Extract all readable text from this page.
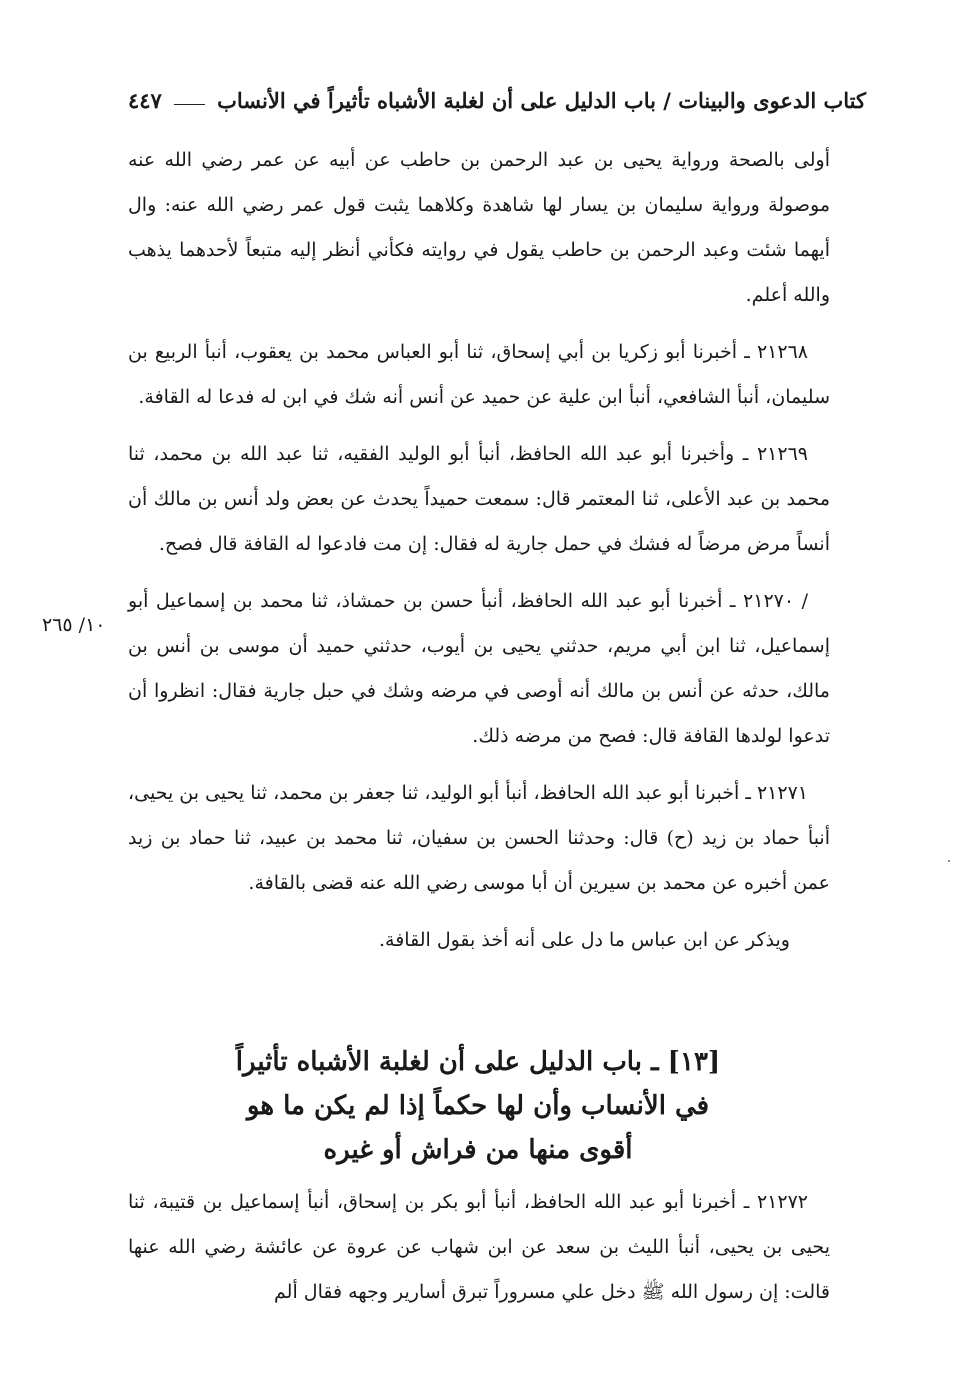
كتاب الدعوى والبينات / باب الدليل على أن لغلبة الأشباه تأثيراً في الأنساب
٤٤٧

أولى بالصحة ورواية يحيى بن عبد الرحمن بن حاطب عن أبيه عن عمر رضي الله عنه موصولة ورواية سليمان بن يسار لها شاهدة وكلاهما يثبت قول عمر رضي الله عنه: وال أيهما شئت وعبد الرحمن بن حاطب يقول في روايته فكأني أنظر إليه متبعاً لأحدهما يذهب والله أعلم.

٢١٢٦٨ ـ أخبرنا أبو زكريا بن أبي إسحاق، ثنا أبو العباس محمد بن يعقوب، أنبأ الربيع بن سليمان، أنبأ الشافعي، أنبأ ابن علية عن حميد عن أنس أنه شك في ابن له فدعا له القافة.

٢١٢٦٩ ـ وأخبرنا أبو عبد الله الحافظ، أنبأ أبو الوليد الفقيه، ثنا عبد الله بن محمد، ثنا محمد بن عبد الأعلى، ثنا المعتمر قال: سمعت حميداً يحدث عن بعض ولد أنس بن مالك أن أنساً مرض مرضاً له فشك في حمل جارية له فقال: إن مت فادعوا له القافة قال فصح.

/ ٢١٢٧٠ ـ أخبرنا أبو عبد الله الحافظ، أنبأ حسن بن حمشاذ، ثنا محمد بن إسماعيل أبو إسماعيل، ثنا ابن أبي مريم، حدثني يحيى بن أيوب، حدثني حميد أن موسى بن أنس بن مالك، حدثه عن أنس بن مالك أنه أوصى في مرضه وشك في حبل جارية فقال: انظروا أن تدعوا لولدها القافة قال: فصح من مرضه ذلك.

٢١٢٧١ ـ أخبرنا أبو عبد الله الحافظ، أنبأ أبو الوليد، ثنا جعفر بن محمد، ثنا يحيى بن يحيى، أنبأ حماد بن زيد (ح) قال: وحدثنا الحسن بن سفيان، ثنا محمد بن عبيد، ثنا حماد بن زيد عمن أخبره عن محمد بن سيرين أن أبا موسى رضي الله عنه قضى بالقافة.

ويذكر عن ابن عباس ما دل على أنه أخذ بقول القافة.

١٠/ ٢٦٥

[١٣] ـ باب الدليل على أن لغلبة الأشباه تأثيراً

في الأنساب وأن لها حكماً إذا لم يكن ما هو

أقوى منها من فراش أو غيره

٢١٢٧٢ ـ أخبرنا أبو عبد الله الحافظ، أنبأ أبو بكر بن إسحاق، أنبأ إسماعيل بن قتيبة، ثنا يحيى بن يحيى، أنبأ الليث بن سعد عن ابن شهاب عن عروة عن عائشة رضي الله عنها قالت: إن رسول الله ﷺ دخل علي مسروراً تبرق أسارير وجهه فقال ألم
